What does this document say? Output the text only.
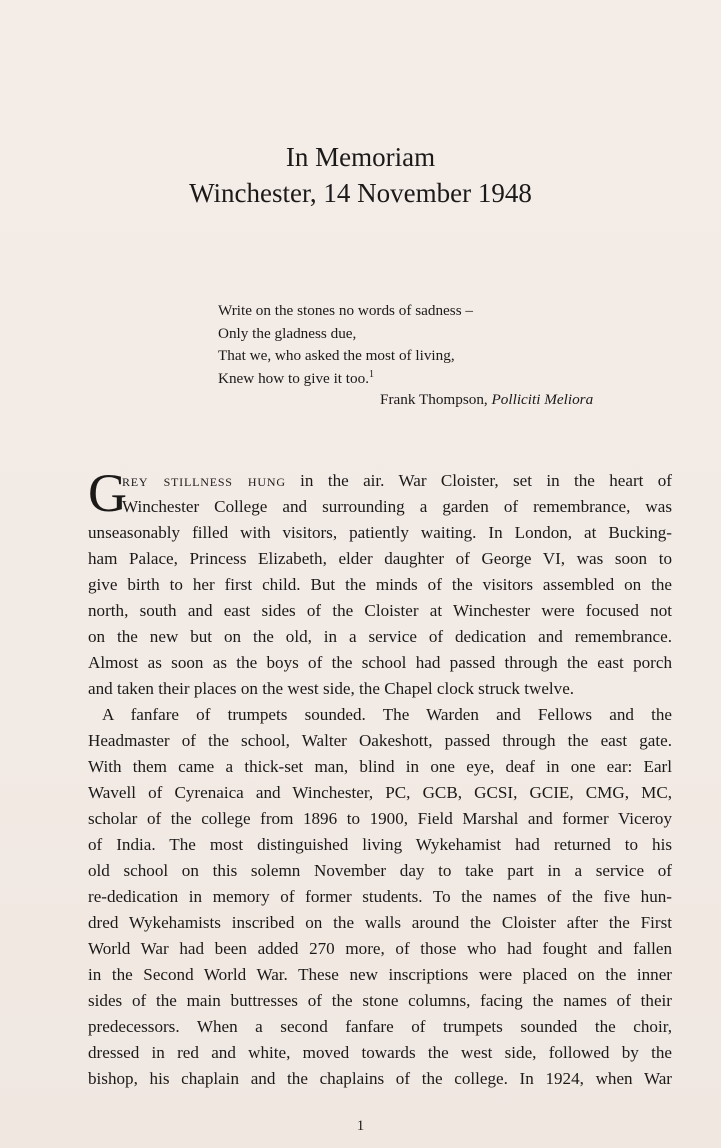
In Memoriam
Winchester, 14 November 1948
Write on the stones no words of sadness –
Only the gladness due,
That we, who asked the most of living,
Knew how to give it too.$^1$
Frank Thompson, Polliciti Meliora
G
rey stillness hung in the air. War Cloister, set in the heart of
Winchester College and surrounding a garden of remembrance, was
unseasonably filled with visitors, patiently waiting. In London, at Bucking-
ham Palace, Princess Elizabeth, elder daughter of George VI, was soon to
give birth to her first child. But the minds of the visitors assembled on the
north, south and east sides of the Cloister at Winchester were focused not
on the new but on the old, in a service of dedication and remembrance.
Almost as soon as the boys of the school had passed through the east porch
and taken their places on the west side, the Chapel clock struck twelve.
A fanfare of trumpets sounded. The Warden and Fellows and the
Headmaster of the school, Walter Oakeshott, passed through the east gate.
With them came a thick-set man, blind in one eye, deaf in one ear: Earl
Wavell of Cyrenaica and Winchester, PC, GCB, GCSI, GCIE, CMG, MC,
scholar of the college from 1896 to 1900, Field Marshal and former Viceroy
of India. The most distinguished living Wykehamist had returned to his
old school on this solemn November day to take part in a service of
re-dedication in memory of former students. To the names of the five hun-
dred Wykehamists inscribed on the walls around the Cloister after the First
World War had been added 270 more, of those who had fought and fallen
in the Second World War. These new inscriptions were placed on the inner
sides of the main buttresses of the stone columns, facing the names of their
predecessors. When a second fanfare of trumpets sounded the choir,
dressed in red and white, moved towards the west side, followed by the
bishop, his chaplain and the chaplains of the college. In 1924, when War
1
